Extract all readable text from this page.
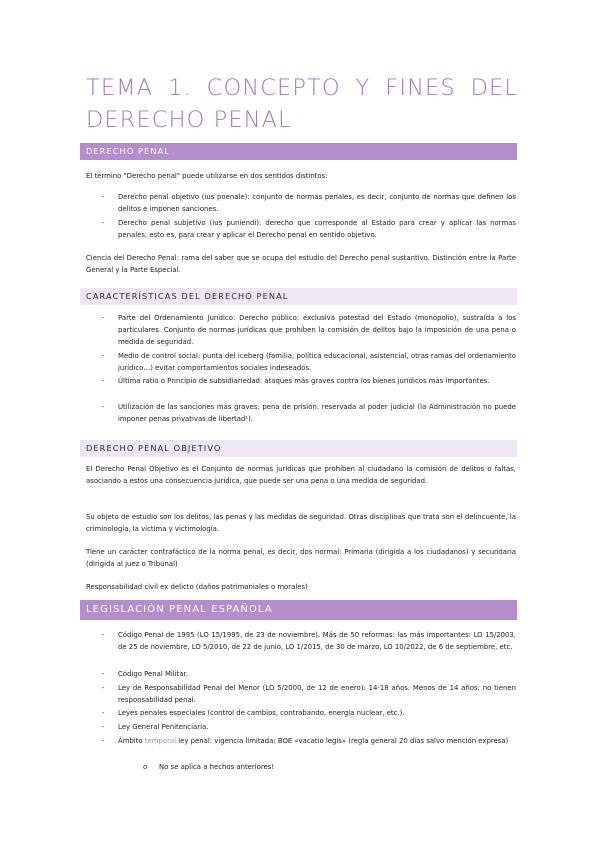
TEMA 1. CONCEPTO Y FINES DEL
DERECHO PENAL
DERECHO PENAL
El término "Derecho penal" puede utilizarse en dos sentidos distintos:
- Derecho penal objetivo (ius poenale): conjunto de normas penales, es decir, conjunto de normas que definen los delitos e imponen sanciones.
- Derecho penal subjetivo (ius puniendi): derecho que corresponde al Estado para crear y aplicar las normas penales, esto es, para crear y aplicar el Derecho penal en sentido objetivo.
Ciencia del Derecho Penal: rama del saber que se ocupa del estudio del Derecho penal sustantivo. Distinción entre la Parte General y la Parte Especial.
CARACTERÍSTICAS DEL DERECHO PENAL
- Parte del Ordenamiento Jurídico: Derecho público: exclusiva potestad del Estado (monopolio), sustraída a los particulares. Conjunto de normas jurídicas que prohíben la comisión de delitos bajo la imposición de una pena o medida de seguridad.
- Medio de control social: punta del iceberg (familia, política educacional, asistencial, otras ramas del ordenamiento jurídico…) evitar comportamientos sociales indeseados.
- Última ratio o Principio de subsidiariedad: ataques más graves contra los bienes jurídicos más importantes.
- Utilización de las sanciones más graves: pena de prisión: reservada al poder judicial (la Administración no puede imponer penas privativas de libertad¹).
DERECHO PENAL OBJETIVO
El Derecho Penal Objetivo es el Conjunto de normas jurídicas que prohíben al ciudadano la comisión de delitos o faltas, asociando a estos una consecuencia jurídica, que puede ser una pena o una medida de seguridad.
Su objeto de estudio son los delitos, las penas y las medidas de seguridad. Otras disciplinas que trata son el delincuente, la criminología, la víctima y victimología.
Tiene un carácter contrafáctico de la norma penal, es decir, dos normal: Primaria (dirigida a los ciudadanos) y secundaria (dirigida al juez o Tribunal)
Responsabilidad civil ex delicto (daños patrimoniales o morales)
LEGISLACIÓN PENAL ESPAÑOLA
- Código Penal de 1995 (LO 15/1995, de 23 de noviembre). Más de 50 reformas: las más importantes: LO 15/2003, de 25 de noviembre, LO 5/2010, de 22 de junio, LO 1/2015, de 30 de marzo, LO 10/2022, de 6 de septiembre, etc.
- Código Penal Militar.
- Ley de Responsabilidad Penal del Menor (LO 5/2000, de 12 de enero): 14-18 años. Menos de 14 años: no tienen responsabilidad penal.
- Leyes penales especiales (control de cambios, contrabando, energía nuclear, etc.).
- Ley General Penitenciaria.
- Ámbito temporal ley penal: vigencia limitada: BOE «vacatio legis» (regla general 20 días salvo mención expresa)
o No se aplica a hechos anteriores!
